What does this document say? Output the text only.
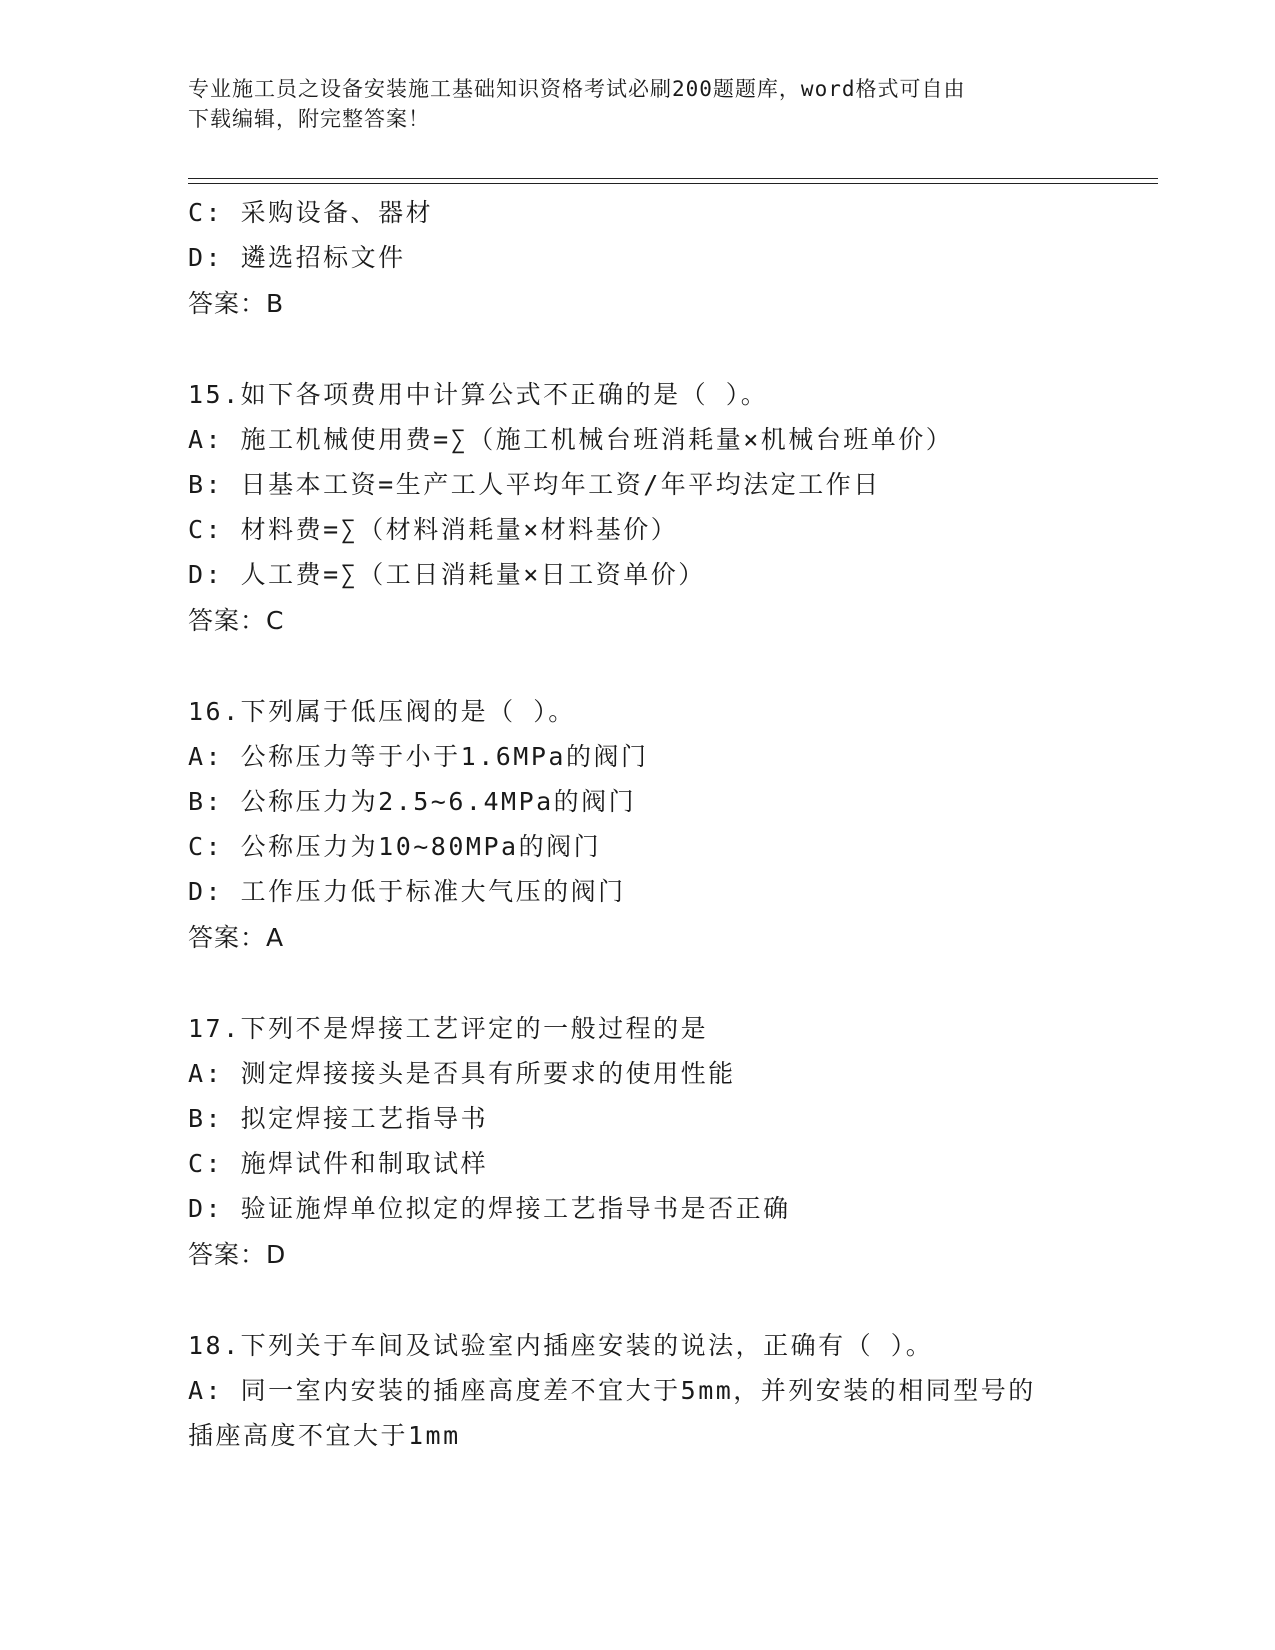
专业施工员之设备安装施工基础知识资格考试必刷200题题库，word格式可自由
下载编辑，附完整答案！
C: 采购设备、器材
D: 遴选招标文件
答案：B
15.如下各项费用中计算公式不正确的是（ ）。
A: 施工机械使用费=∑（施工机械台班消耗量×机械台班单价）
B: 日基本工资=生产工人平均年工资/年平均法定工作日
C: 材料费=∑（材料消耗量×材料基价）
D: 人工费=∑（工日消耗量×日工资单价）
答案：C
16.下列属于低压阀的是（ ）。
A: 公称压力等于小于1.6MPa的阀门
B: 公称压力为2.5~6.4MPa的阀门
C: 公称压力为10~80MPa的阀门
D: 工作压力低于标准大气压的阀门
答案：A
17.下列不是焊接工艺评定的一般过程的是
A: 测定焊接接头是否具有所要求的使用性能
B: 拟定焊接工艺指导书
C: 施焊试件和制取试样
D: 验证施焊单位拟定的焊接工艺指导书是否正确
答案：D
18.下列关于车间及试验室内插座安装的说法，正确有（ ）。
A: 同一室内安装的插座高度差不宜大于5mm，并列安装的相同型号的
插座高度不宜大于1mm
